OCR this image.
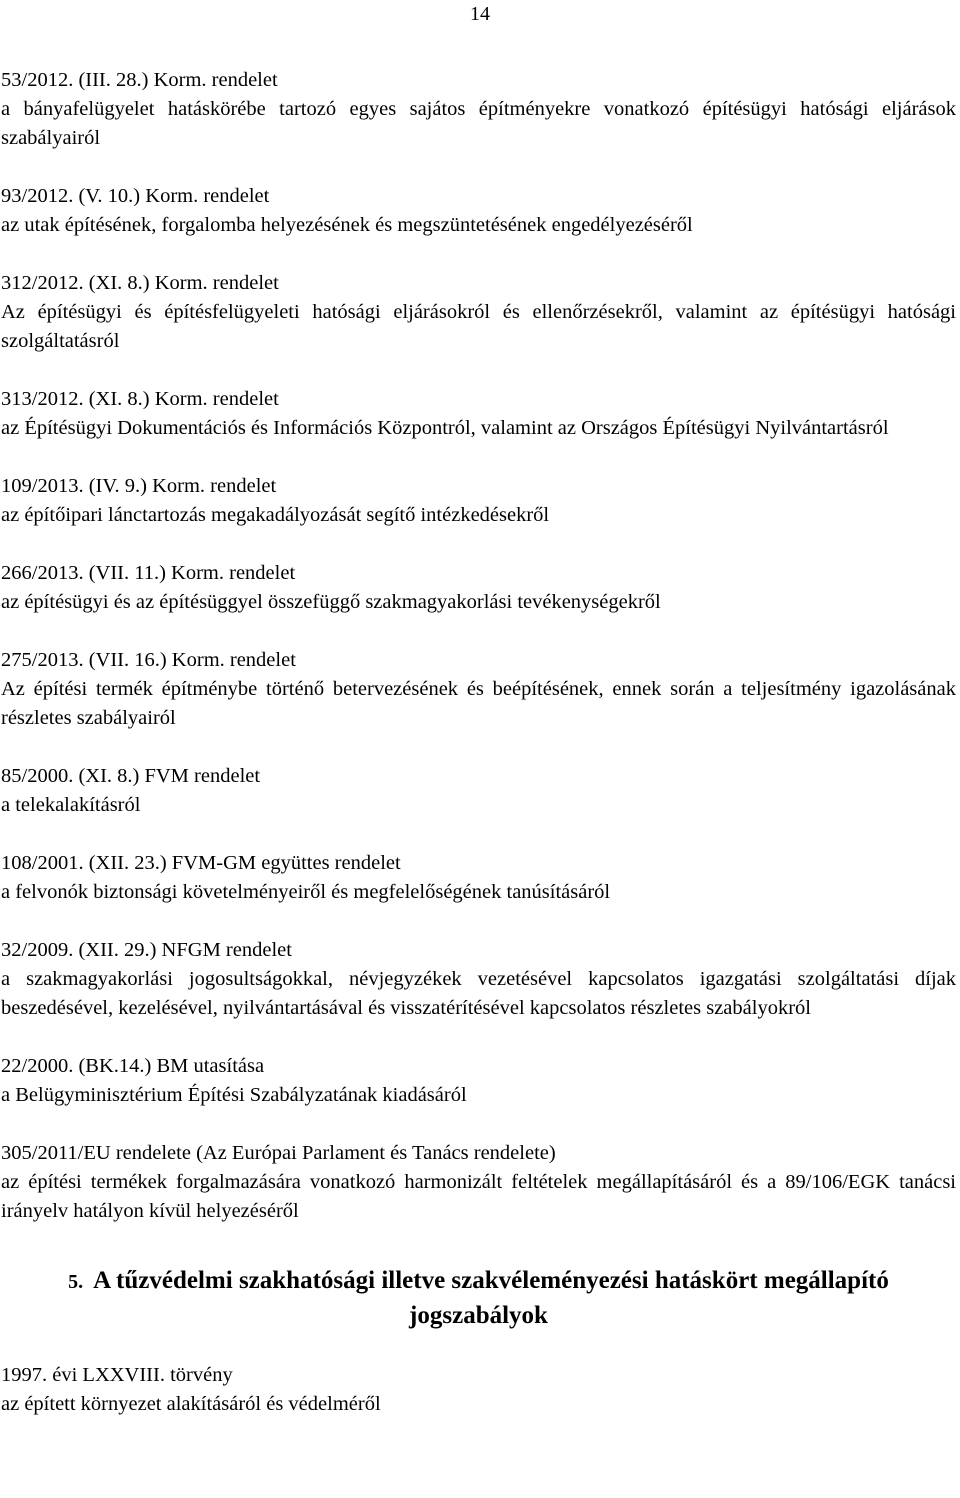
14
53/2012. (III. 28.) Korm. rendelet
a bányafelügyelet hatáskörébe tartozó egyes sajátos építményekre vonatkozó építésügyi hatósági eljárások szabályairól
93/2012. (V. 10.) Korm. rendelet
az utak építésének, forgalomba helyezésének és megszüntetésének engedélyezéséről
312/2012. (XI. 8.) Korm. rendelet
Az építésügyi és építésfelügyeleti hatósági eljárásokról és ellenőrzésekről, valamint az építésügyi hatósági szolgáltatásról
313/2012. (XI. 8.) Korm. rendelet
az Építésügyi Dokumentációs és Információs Központról, valamint az Országos Építésügyi Nyilvántartásról
109/2013. (IV. 9.) Korm. rendelet
az építőipari lánctartozás megakadályozását segítő intézkedésekről
266/2013. (VII. 11.) Korm. rendelet
az építésügyi és az építésüggyel összefüggő szakmagyakorlási tevékenységekről
275/2013. (VII. 16.) Korm. rendelet
Az építési termék építménybe történő betervezésének és beépítésének, ennek során a teljesítmény igazolásának részletes szabályairól
85/2000. (XI. 8.) FVM rendelet
a telekalakításról
108/2001. (XII. 23.) FVM-GM együttes rendelet
a felvonók biztonsági követelményeiről és megfelelőségének tanúsításáról
32/2009. (XII. 29.) NFGM rendelet
a szakmagyakorlási jogosultságokkal, névjegyzékek vezetésével kapcsolatos igazgatási szolgáltatási díjak beszedésével, kezelésével, nyilvántartásával és visszatérítésével kapcsolatos részletes szabályokról
22/2000. (BK.14.) BM utasítása
a Belügyminisztérium Építési Szabályzatának kiadásáról
305/2011/EU rendelete (Az Európai Parlament és Tanács rendelete)
az építési termékek forgalmazására vonatkozó harmonizált feltételek megállapításáról és a 89/106/EGK tanácsi irányelv hatályon kívül helyezéséről
5. A tűzvédelmi szakhatósági illetve szakvéleményezési hatáskört megállapító jogszabályok
1997. évi LXXVIII. törvény
az épített környezet alakításáról és védelméről
